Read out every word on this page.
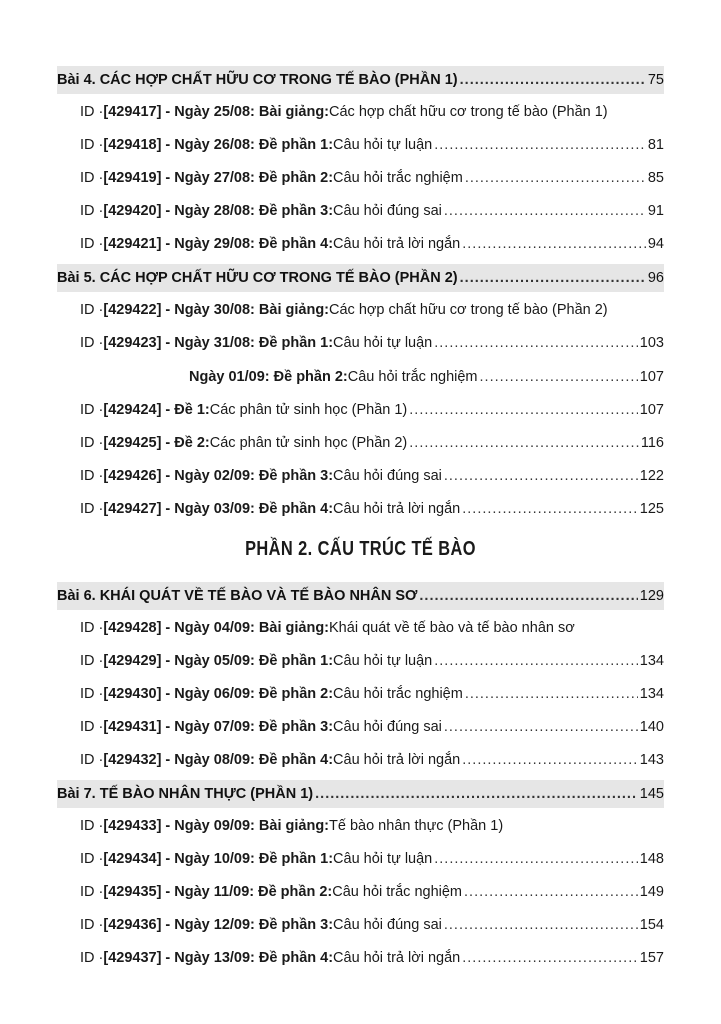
Bài 4. CÁC HỢP CHẤT HỮU CƠ TRONG TẾ BÀO (PHẦN 1) .....	75
ID · [429417] - Ngày 25/08: Bài giảng: Các hợp chất hữu cơ trong tế bào (Phần 1)
ID · [429418] - Ngày 26/08: Đề phần 1: Câu hỏi tự luận .....	81
ID · [429419] - Ngày 27/08: Đề phần 2: Câu hỏi trắc nghiệm .....	85
ID · [429420] - Ngày 28/08: Đề phần 3: Câu hỏi đúng sai .....	91
ID · [429421] - Ngày 29/08: Đề phần 4: Câu hỏi trả lời ngắn .....	94
Bài 5. CÁC HỢP CHẤT HỮU CƠ TRONG TẾ BÀO (PHẦN 2) .....	96
ID · [429422] - Ngày 30/08: Bài giảng: Các hợp chất hữu cơ trong tế bào (Phần 2)
ID · [429423] - Ngày 31/08: Đề phần 1: Câu hỏi tự luận .....	103
Ngày 01/09: Đề phần 2: Câu hỏi trắc nghiệm .....	107
ID · [429424] - Đề 1: Các phân tử sinh học (Phần 1) .....	107
ID · [429425] - Đề 2: Các phân tử sinh học (Phần 2) .....	116
ID · [429426] - Ngày 02/09: Đề phần 3: Câu hỏi đúng sai .....	122
ID · [429427] - Ngày 03/09: Đề phần 4: Câu hỏi trả lời ngắn .....	125
PHẦN 2. CẤU TRÚC TẾ BÀO
Bài 6. KHÁI QUÁT VỀ TẾ BÀO VÀ TẾ BÀO NHÂN SƠ .....	129
ID · [429428] - Ngày 04/09: Bài giảng: Khái quát về tế bào và tế bào nhân sơ
ID · [429429] - Ngày 05/09: Đề phần 1: Câu hỏi tự luận .....	134
ID · [429430] - Ngày 06/09: Đề phần 2: Câu hỏi trắc nghiệm .....	134
ID · [429431] - Ngày 07/09: Đề phần 3: Câu hỏi đúng sai .....	140
ID · [429432] - Ngày 08/09: Đề phần 4: Câu hỏi trả lời ngắn .....	143
Bài 7. TẾ BÀO NHÂN THỰC (PHẦN 1) .....	145
ID · [429433] - Ngày 09/09: Bài giảng: Tế bào nhân thực (Phần 1)
ID · [429434] - Ngày 10/09: Đề phần 1: Câu hỏi tự luận .....	148
ID · [429435] - Ngày 11/09: Đề phần 2: Câu hỏi trắc nghiệm .....	149
ID · [429436] - Ngày 12/09: Đề phần 3: Câu hỏi đúng sai .....	154
ID · [429437] - Ngày 13/09: Đề phần 4: Câu hỏi trả lời ngắn .....	157
